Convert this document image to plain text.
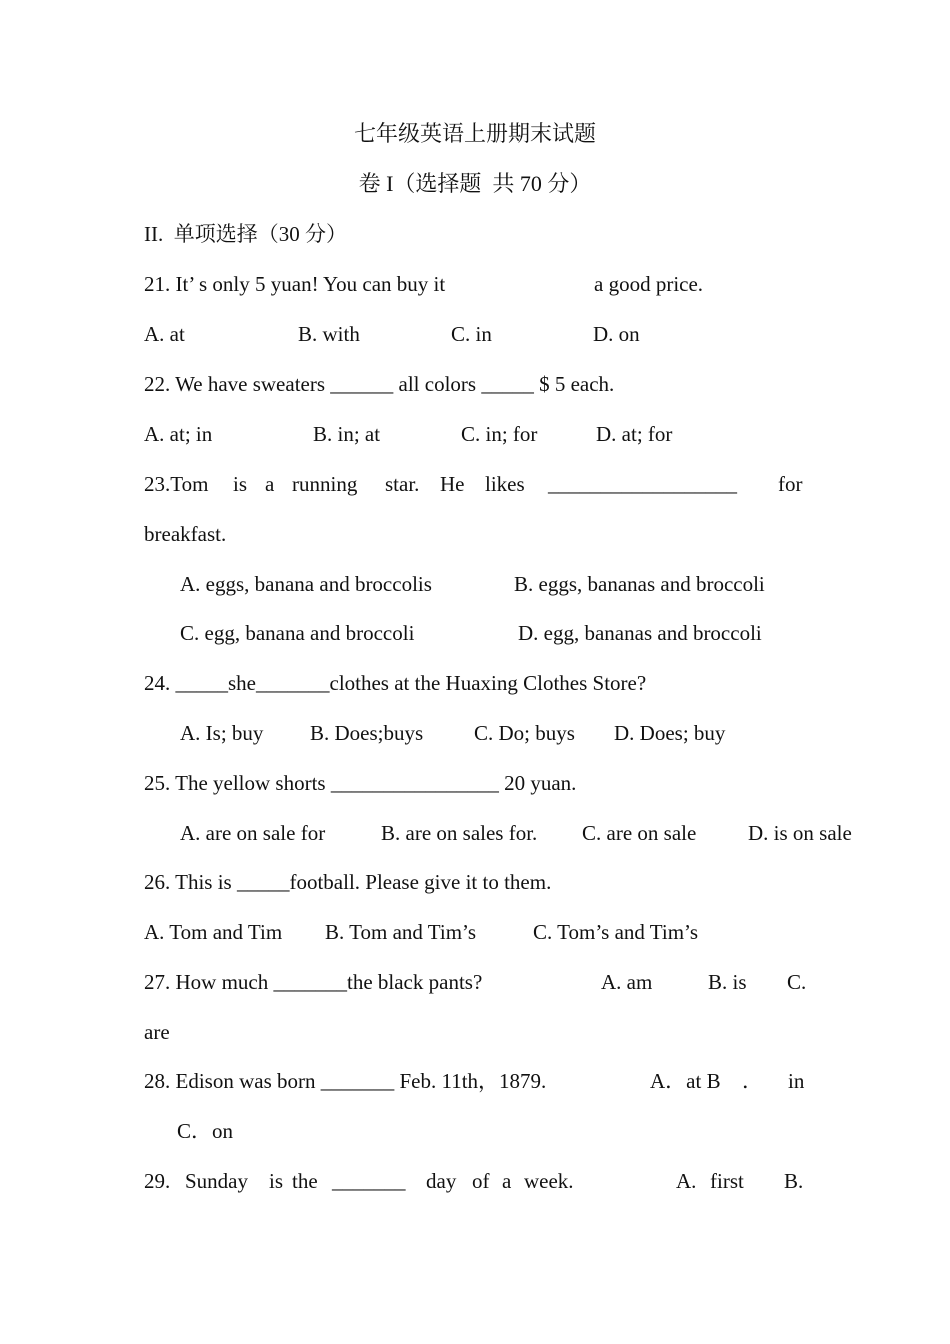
七年级英语上册期末试题
卷 I（选择题  共 70 分）
II.  单项选择（30 分）
21. It’ s only 5 yuan! You can buy it	a good price.
A. at	B. with	C. in	D. on
22. We have sweaters ______ all colors _____ $ 5 each.
A. at; in	B. in; at	C. in; for	D. at; for
23.Tom is a running star. He likes __________________ for
breakfast.
A. eggs, banana and broccolis	B. eggs, bananas and broccoli
C. egg, banana and broccoli	D. egg, bananas and broccoli
24. _____she_______clothes at the Huaxing Clothes Store?
A. Is; buy B. Does;buys C. Do; buys D. Does; buy
25. The yellow shorts ________________ 20 yuan.
A. are on sale for	B. are on sales for. C. are on sale D. is on sale
26. This is _____football. Please give it to them.
A. Tom and Tim B. Tom and Tim’s	C. Tom’s and Tim’s
27. How much _______the black pants?	A. am	B. is C.
are
28. Edison was born _______ Feb. 11th，1879.	A．at B ． in
C．on
29. Sunday is the _______ day of a week.	A. first B.
